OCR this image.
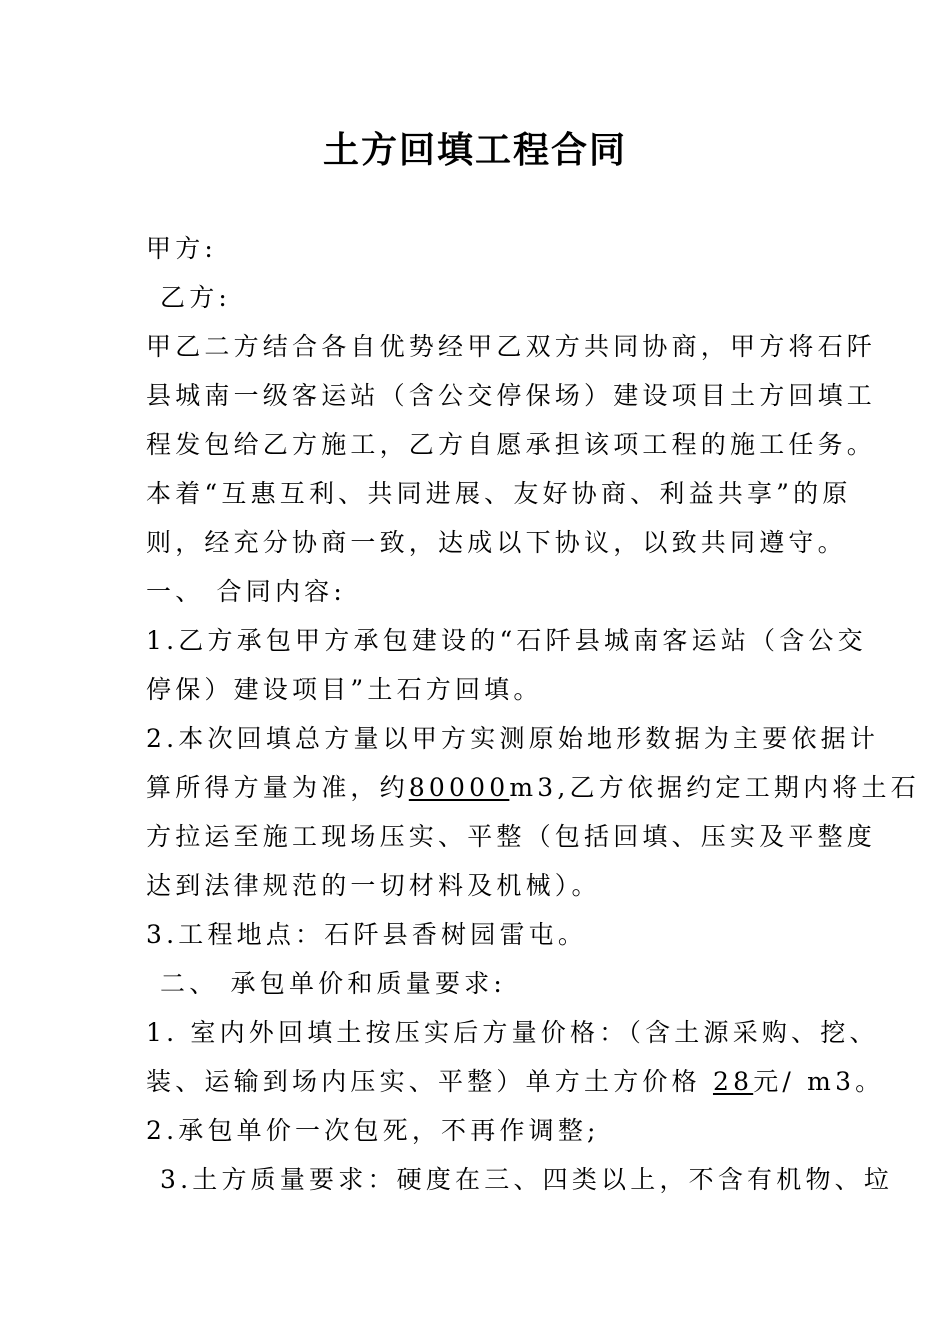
土方回填工程合同
甲方:
乙方:
甲乙二方结合各自优势经甲乙双方共同协商，甲方将石阡
县城南一级客运站（含公交停保场）建设项目土方回填工
程发包给乙方施工，乙方自愿承担该项工程的施工任务。
本着“互惠互利、共同进展、友好协商、利益共享”的原
则，经充分协商一致，达成以下协议，以致共同遵守。
一、 合同内容:
1.乙方承包甲方承包建设的“石阡县城南客运站（含公交
停保）建设项目”土石方回填。
2.本次回填总方量以甲方实测原始地形数据为主要依据计
算所得方量为准，约80000m3,乙方依据约定工期内将土石
方拉运至施工现场压实、平整（包括回填、压实及平整度
达到法律规范的一切材料及机械）。
3.工程地点：石阡县香树园雷屯。
二、 承包单价和质量要求:
1. 室内外回填土按压实后方量价格：（含土源采购、挖、
装、运输到场内压实、平整）单方土方价格 28元/ m3。
2.承包单价一次包死，不再作调整;
3.土方质量要求：硬度在三、四类以上，不含有机物、垃
